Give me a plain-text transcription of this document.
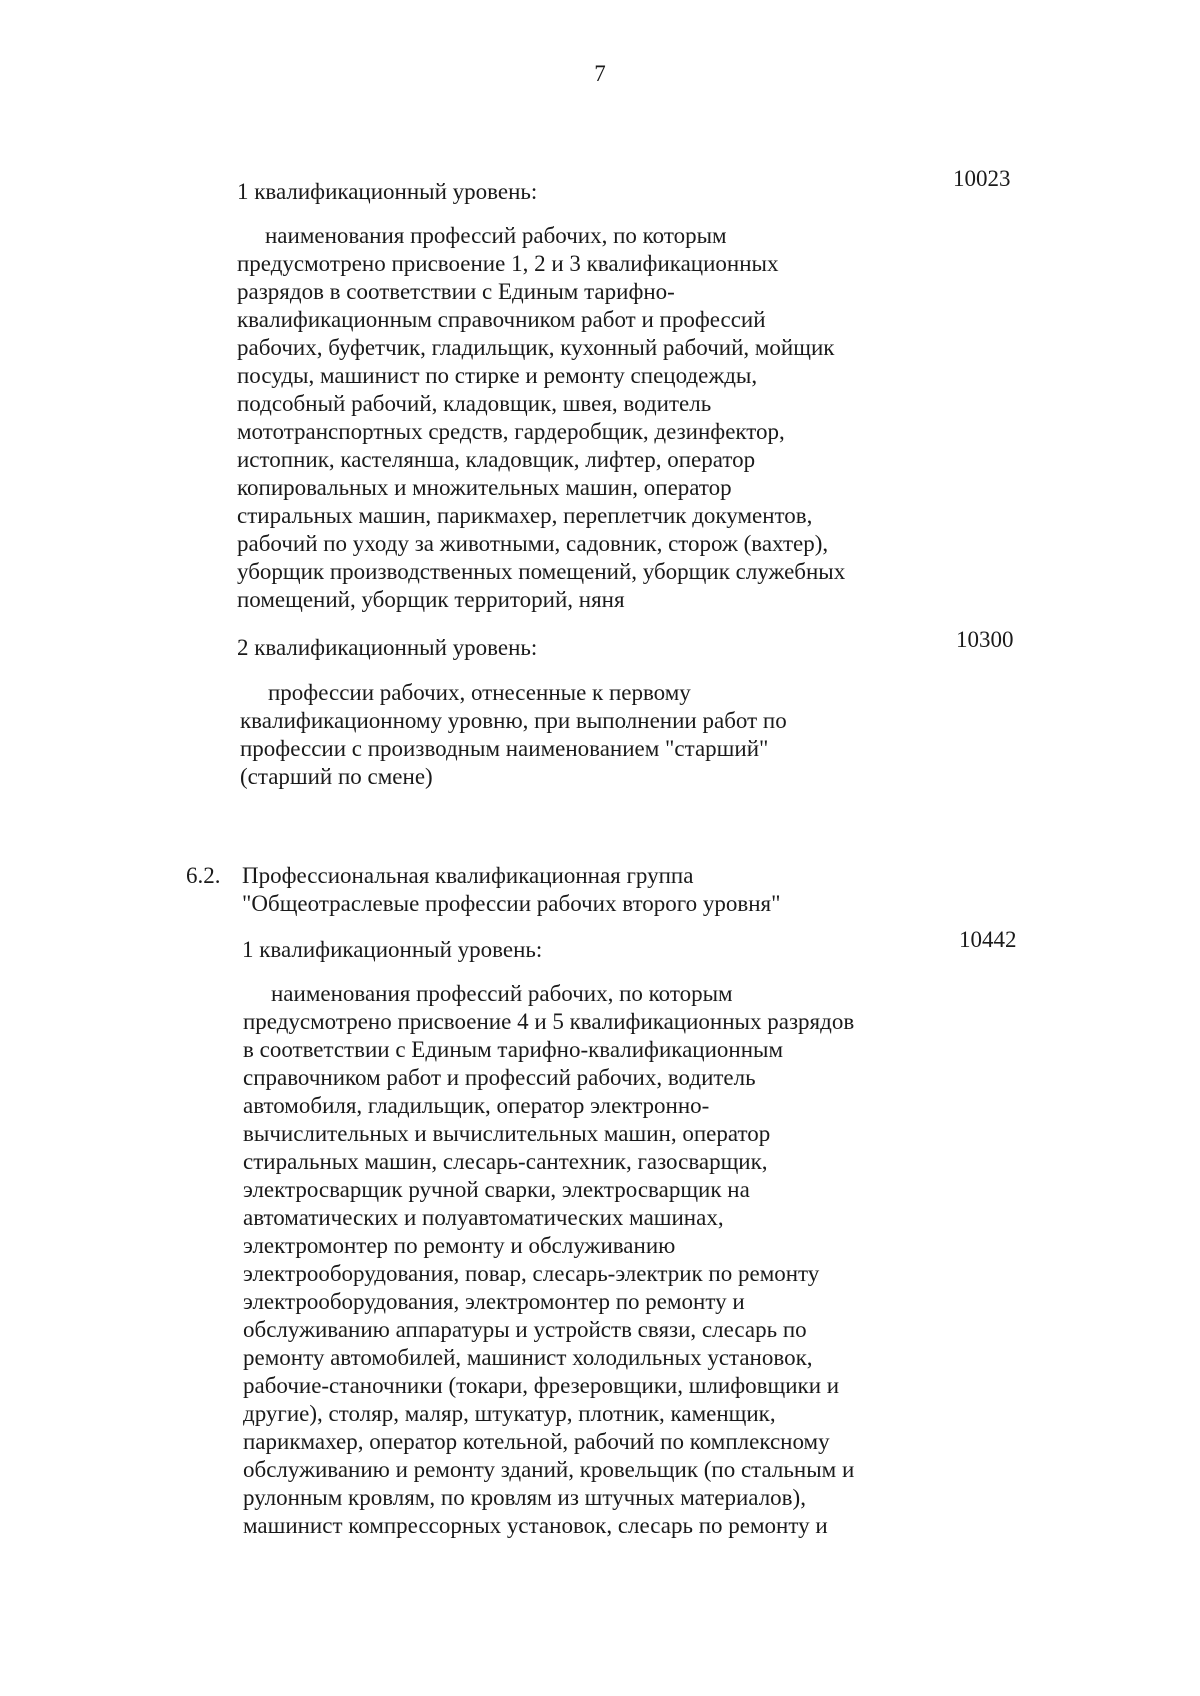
7
1 квалификационный уровень:
10023
наименования профессий рабочих, по которым
предусмотрено присвоение 1, 2 и 3 квалификационных
разрядов в соответствии с Единым тарифно-
квалификационным справочником работ и профессий
рабочих, буфетчик, гладильщик, кухонный рабочий, мойщик
посуды, машинист по стирке и ремонту спецодежды,
подсобный рабочий, кладовщик, швея, водитель
мототранспортных средств, гардеробщик, дезинфектор,
истопник, кастелянша, кладовщик, лифтер, оператор
копировальных и множительных машин, оператор
стиральных машин, парикмахер, переплетчик документов,
рабочий по уходу за животными, садовник, сторож (вахтер),
уборщик производственных помещений, уборщик служебных
помещений, уборщик территорий, няня
2 квалификационный уровень:	10300
профессии рабочих, отнесенные к первому
квалификационному уровню, при выполнении работ по
профессии с производным наименованием "старший"
(старший по смене)
6.2. Профессиональная квалификационная группа
"Общеотраслевые профессии рабочих второго уровня"
1 квалификационный уровень:	10442
наименования профессий рабочих, по которым
предусмотрено присвоение 4 и 5 квалификационных разрядов
в соответствии с Единым тарифно-квалификационным
справочником работ и профессий рабочих, водитель
автомобиля, гладильщик, оператор электронно-
вычислительных и вычислительных машин, оператор
стиральных машин, слесарь-сантехник, газосварщик,
электросварщик ручной сварки, электросварщик на
автоматических и полуавтоматических машинах,
электромонтер по ремонту и обслуживанию
электрооборудования, повар, слесарь-электрик по ремонту
электрооборудования, электромонтер по ремонту и
обслуживанию аппаратуры и устройств связи, слесарь по
ремонту автомобилей, машинист холодильных установок,
рабочие-станочники (токари, фрезеровщики, шлифовщики и
другие), столяр, маляр, штукатур, плотник, каменщик,
парикмахер, оператор котельной, рабочий по комплексному
обслуживанию и ремонту зданий, кровельщик (по стальным и
рулонным кровлям, по кровлям из штучных материалов),
машинист компрессорных установок, слесарь по ремонту и
